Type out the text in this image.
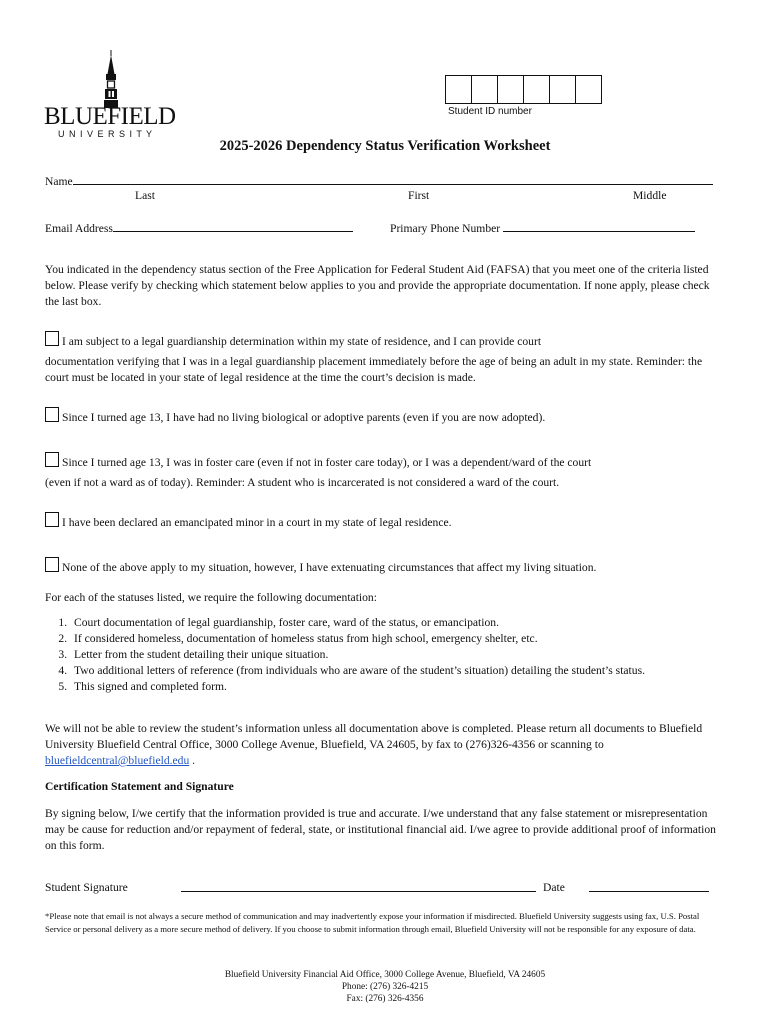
BLUEFIELD
U N I V E R S I T Y
Student ID number
2025-2026 Dependency Status Verification Worksheet
Name
Last	First	Middle
Email Address	Primary Phone Number
You indicated in the dependency status section of the Free Application for Federal Student Aid (FAFSA) that you meet one of the criteria listed below. Please verify by checking which statement below applies to you and provide the appropriate documentation. If none apply, please check the last box.
I am subject to a legal guardianship determination within my state of residence, and I can provide court
documentation verifying that I was in a legal guardianship placement immediately before the age of being an adult in my state. Reminder: the court must be located in your state of legal residence at the time the court’s decision is made.
Since I turned age 13, I have had no living biological or adoptive parents (even if you are now adopted).
Since I turned age 13, I was in foster care (even if not in foster care today), or I was a dependent/ward of the court
(even if not a ward as of today). Reminder: A student who is incarcerated is not considered a ward of the court.
I have been declared an emancipated minor in a court in my state of legal residence.
None of the above apply to my situation, however, I have extenuating circumstances that affect my living situation.
For each of the statuses listed, we require the following documentation:
1. Court documentation of legal guardianship, foster care, ward of the status, or emancipation.
2. If considered homeless, documentation of homeless status from high school, emergency shelter, etc.
3. Letter from the student detailing their unique situation.
4. Two additional letters of reference (from individuals who are aware of the student’s situation) detailing the student’s status.
5. This signed and completed form.
We will not be able to review the student’s information unless all documentation above is completed. Please return all documents to Bluefield University Bluefield Central Office, 3000 College Avenue, Bluefield, VA 24605, by fax to (276)326-4356 or scanning to bluefieldcentral@bluefield.edu .
Certification Statement and Signature
By signing below, I/we certify that the information provided is true and accurate. I/we understand that any false statement or misrepresentation may be cause for reduction and/or repayment of federal, state, or institutional financial aid. I/we agree to provide additional proof of information on this form.
Student Signature	Date
*Please note that email is not always a secure method of communication and may inadvertently expose your information if misdirected. Bluefield University suggests using fax, U.S. Postal Service or personal delivery as a more secure method of delivery. If you choose to submit information through email, Bluefield University will not be responsible for any exposure of data.
Bluefield University Financial Aid Office, 3000 College Avenue, Bluefield, VA 24605
Phone: (276) 326-4215
Fax: (276) 326-4356
